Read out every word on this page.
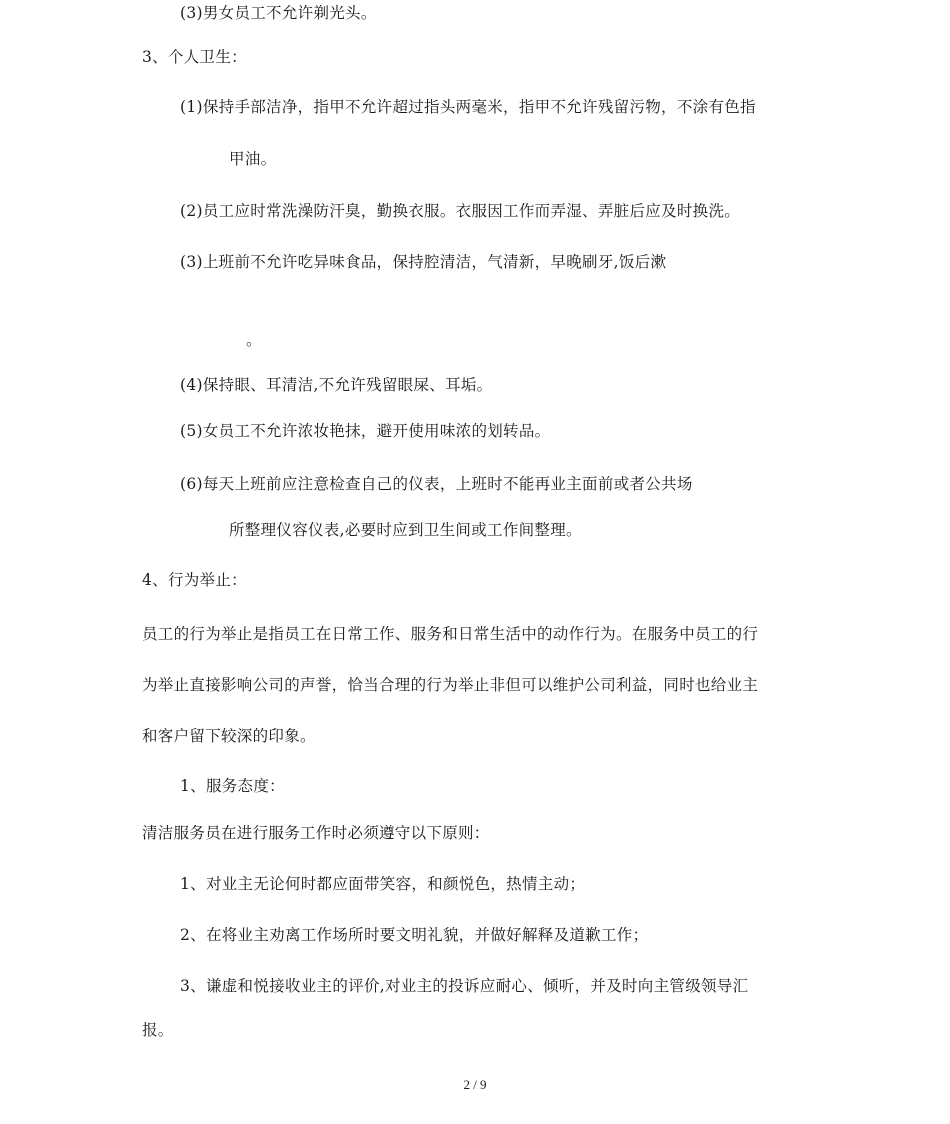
(3)男女员工不允许剃光头。
3、个人卫生：
(1)保持手部洁净，指甲不允许超过指头两毫米，指甲不允许残留污物，不涂有色指
甲油。
(2)员工应时常洗澡防汗臭，勤换衣服。衣服因工作而弄湿、弄脏后应及时换洗。
(3)上班前不允许吃异味食品，保持腔清洁，气清新，早晚刷牙,饭后漱
。
(4)保持眼、耳清洁,不允许残留眼屎、耳垢。
(5)女员工不允许浓妆艳抹，避开使用味浓的划转品。
(6)每天上班前应注意检查自己的仪表，上班时不能再业主面前或者公共场
所整理仪容仪表,必要时应到卫生间或工作间整理。
4、行为举止：
员工的行为举止是指员工在日常工作、服务和日常生活中的动作行为。在服务中员工的行
为举止直接影响公司的声誉，恰当合理的行为举止非但可以维护公司利益，同时也给业主
和客户留下较深的印象。
1、服务态度：
清洁服务员在进行服务工作时必须遵守以下原则：
1、对业主无论何时都应面带笑容，和颜悦色，热情主动；
2、在将业主劝离工作场所时要文明礼貌，并做好解释及道歉工作；
3、谦虚和悦接收业主的评价,对业主的投诉应耐心、倾听，并及时向主管级领导汇
报。
2 / 9
